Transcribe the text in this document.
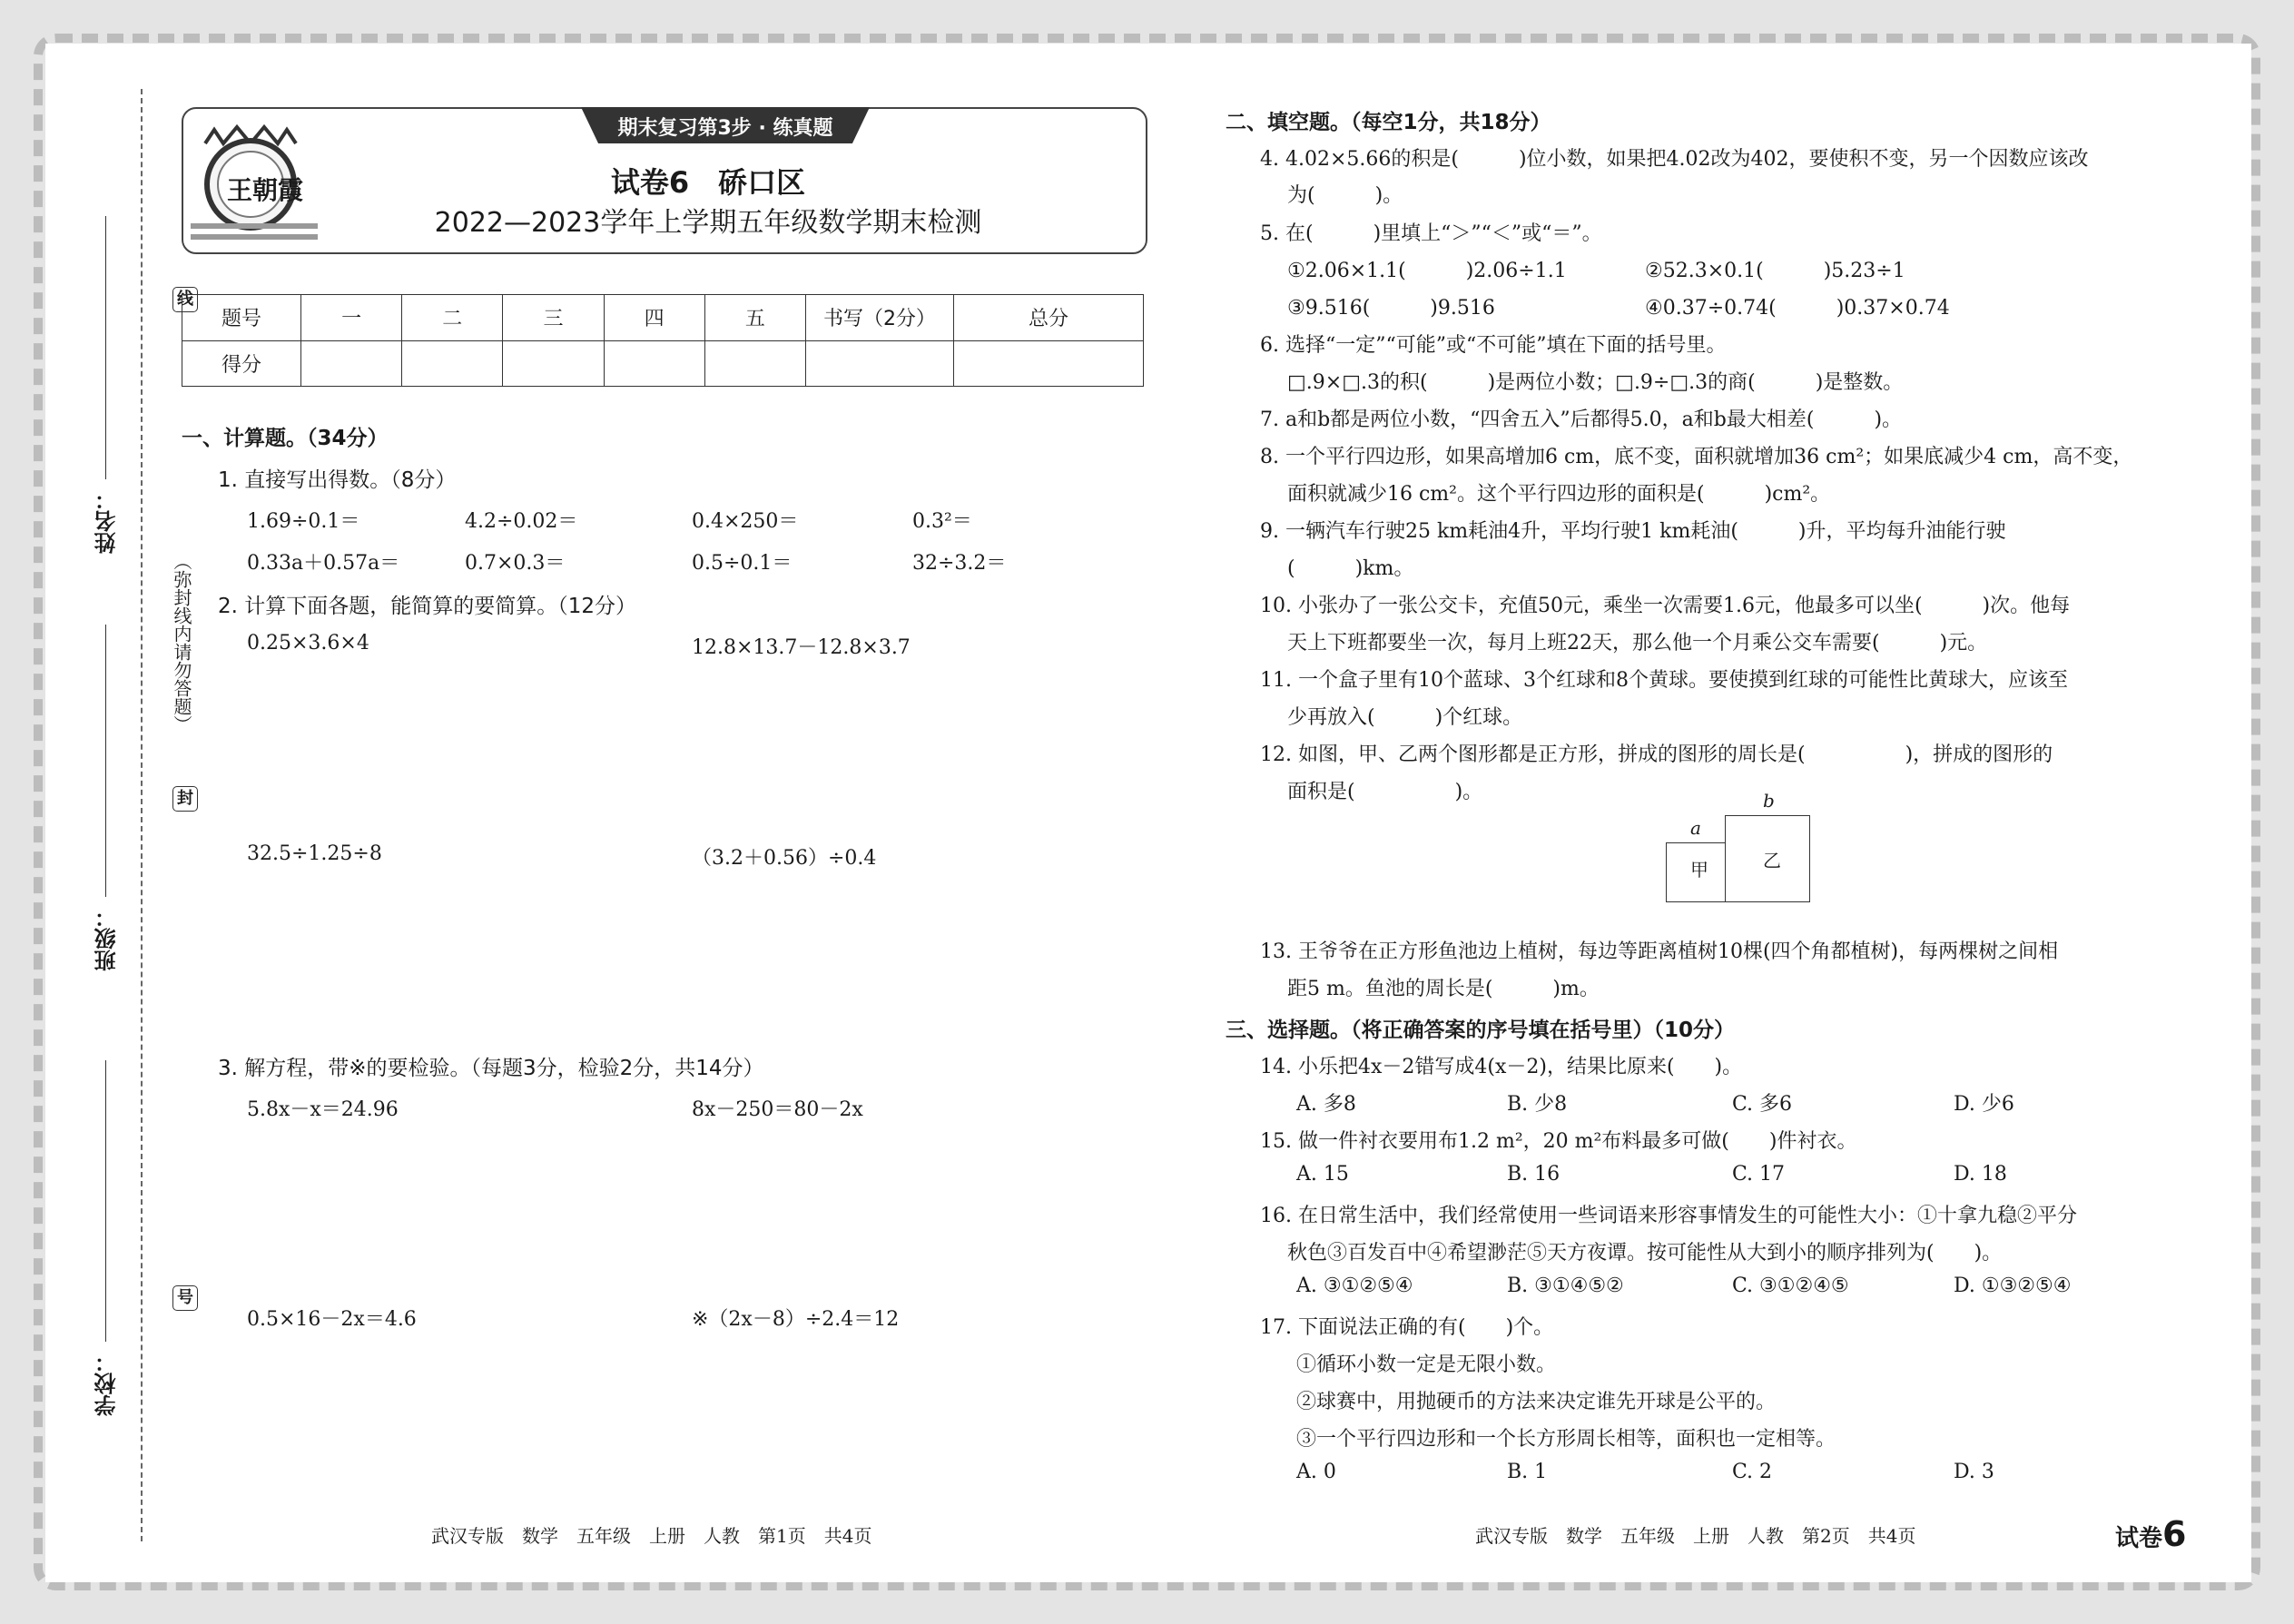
线
封
号
（弥封线内请勿答题）
姓名：
班级：
学校：
王朝霞
期末复习第3步 · 练真题
试卷6　硚口区
2022—2023学年上学期五年级数学期末检测
题号	一	二	三	四	五	书写（2分）	总分
得分							
一、计算题。（34分）
1. 直接写出得数。（8分）
1.69÷0.1＝	4.2÷0.02＝	0.4×250＝	0.3²＝
0.33a＋0.57a＝	0.7×0.3＝	0.5÷0.1＝	32÷3.2＝
2. 计算下面各题，能简算的要简算。（12分）
0.25×3.6×4	12.8×13.7－12.8×3.7
32.5÷1.25÷8	（3.2＋0.56）÷0.4
3. 解方程，带※的要检验。（每题3分，检验2分，共14分）
5.8x－x＝24.96	8x－250＝80－2x
0.5×16－2x＝4.6	※（2x－8）÷2.4＝12
武汉专版　数学　五年级　上册　人教　第1页　共4页
二、填空题。（每空1分，共18分）
4. 4.02×5.66的积是(　　　)位小数，如果把4.02改为402，要使积不变，另一个因数应该改
为(　　　)。
5. 在(　　　)里填上“＞”“＜”或“＝”。
①2.06×1.1(　　　)2.06÷1.1	②52.3×0.1(　　　)5.23÷1
③9.516(　　　)9.516	④0.37÷0.74(　　　)0.37×0.74
6. 选择“一定”“可能”或“不可能”填在下面的括号里。
□.9×□.3的积(　　　)是两位小数；□.9÷□.3的商(　　　)是整数。
7. a和b都是两位小数，“四舍五入”后都得5.0，a和b最大相差(　　　)。
8. 一个平行四边形，如果高增加6 cm，底不变，面积就增加36 cm²；如果底减少4 cm，高不变，
面积就减少16 cm²。这个平行四边形的面积是(　　　)cm²。
9. 一辆汽车行驶25 km耗油4升，平均行驶1 km耗油(　　　)升，平均每升油能行驶
(　　　)km。
10. 小张办了一张公交卡，充值50元，乘坐一次需要1.6元，他最多可以坐(　　　)次。他每
天上下班都要坐一次，每月上班22天，那么他一个月乘公交车需要(　　　)元。
11. 一个盒子里有10个蓝球、3个红球和8个黄球。要使摸到红球的可能性比黄球大，应该至
少再放入(　　　)个红球。
12. 如图，甲、乙两个图形都是正方形，拼成的图形的周长是(　　　　　)，拼成的图形的
面积是(　　　　　)。
甲	乙
a
b
13. 王爷爷在正方形鱼池边上植树，每边等距离植树10棵(四个角都植树)，每两棵树之间相
距5 m。鱼池的周长是(　　　)m。
三、选择题。（将正确答案的序号填在括号里）（10分）
14. 小乐把4x－2错写成4(x－2)，结果比原来(　　)。
A. 多8	B. 少8	C. 多6	D. 少6
15. 做一件衬衣要用布1.2 m²，20 m²布料最多可做(　　)件衬衣。
A. 15	B. 16	C. 17	D. 18
16. 在日常生活中，我们经常使用一些词语来形容事情发生的可能性大小：①十拿九稳②平分
秋色③百发百中④希望渺茫⑤天方夜谭。按可能性从大到小的顺序排列为(　　)。
A. ③①②⑤④	B. ③①④⑤②	C. ③①②④⑤	D. ①③②⑤④
17. 下面说法正确的有(　　)个。
①循环小数一定是无限小数。
②球赛中，用抛硬币的方法来决定谁先开球是公平的。
③一个平行四边形和一个长方形周长相等，面积也一定相等。
A. 0	B. 1	C. 2	D. 3
武汉专版　数学　五年级　上册　人教　第2页　共4页	试卷6
